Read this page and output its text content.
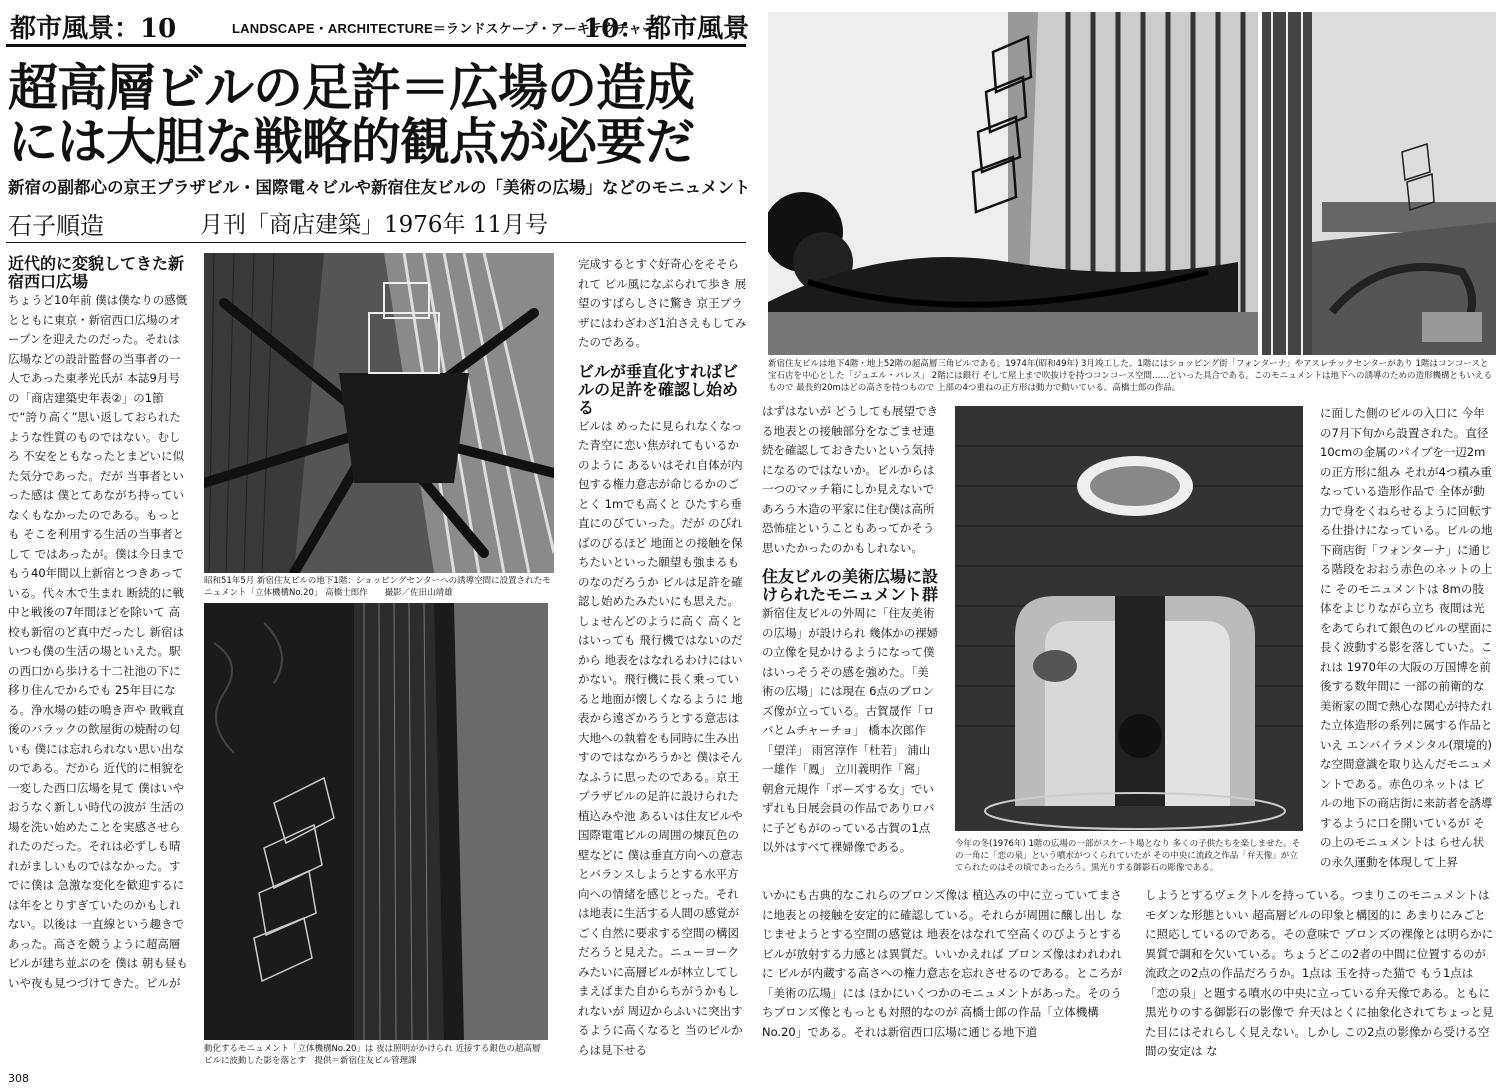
都市風景：10	LANDSCAPE・ARCHITECTURE＝ランドスケープ・アーキテクチャー
10：都市風景
超高層ビルの足許＝広場の造成
には大胆な戦略的観点が必要だ
新宿の副都心の京王プラザビル・国際電々ビルや新宿住友ビルの「美術の広場」などのモニュメント
石子順造	月刊「商店建築」1976年 11月号

近代的に変貌してきた新宿西口広場

ちょうど10年前 僕は僕なりの感慨とともに東京・新宿西口広場のオープンを迎えたのだった。それは 広場などの設計監督の当事者の一人であった東孝光氏が 本誌9月号の「商店建築史年表②」の1節で“誇り高く”思い返しておられたような性質のものではない。むしろ 不安をともなったとまどいに似た気分であった。だが 当事者といった感は 僕とてあながち持っていなくもなかったのである。もっとも そこを利用する生活の当事者として ではあったが。僕は今日まで もう40年間以上新宿とつきあっている。代々木で生まれ 断続的に戦中と戦後の7年間ほどを除いて 高校も新宿のど真中だったし 新宿はいつも僕の生活の場といえた。駅の西口から歩ける十二社池の下に移り住んでからでも 25年目になる。浄水場の蛙の鳴き声や 敗戦直後のバラックの飲屋街の焼酎の匂いも 僕には忘れられない思い出なのである。だから 近代的に相貌を一変した西口広場を見て 僕はいやおうなく新しい時代の波が 生活の場を洗い始めたことを実感させられたのだった。それは必ずしも晴れがましいものではなかった。すでに僕は 急激な変化を歓迎するには年をとりすぎていたのかもしれない。以後は 一直線という趣きであった。高さを競うように超高層ビルが建ち並ぶのを 僕は 朝も昼もいや夜も見つづけてきた。ビルが

昭和51年5月 新宿住友ビルの地下1階：ショッピングセンターへの誘導空間に設置されたモニュメント「立体機構No.20」 高橋士郎作　　撮影／佐田山靖雄
動化するモニュメント「立体機構No.20」は 夜は照明がかけられ 近接する銀色の超高層ビルに波動した影を落とす　提供＝新宿住友ビル管理課

完成するとすぐ好奇心をそそられて ビル風になぶられて歩き 展望のすばらしさに驚き 京王プラザにはわざわざ1泊さえもしてみたのである。

ビルが垂直化すればビルの足許を確認し始める

ビルは めったに見られなくなった青空に恋い焦がれてもいるかのように あるいはそれ自体が内包する権力意志が命じるかのごとく 1mでも高くと ひたすら垂直にのびていった。だが のびればのびるほど 地面との接触を保ちたいといった願望も強まるものなのだろうか ビルは足許を確認し始めたみたいにも思えた。しょせんどのように高く 高くとはいっても 飛行機ではないのだから 地表をはなれるわけにはいかない。飛行機に長く乗っていると地面が懐しくなるように 地表から遠ざかろうとする意志は 大地への執着をも同時に生み出すのではなかろうかと 僕はそんなふうに思ったのである。京王プラザビルの足許に設けられた植込みや池 あるいは住友ビルや国際電電ビルの周囲の煉瓦色の壁などに 僕は垂直方向への意志とバランスしようとする水平方向への情緒を感じとった。それは地表に生活する人間の感覚が ごく自然に要求する空間の構図だろうと見えた。ニューヨークみたいに高層ビルが林立してしまえばまた自からちがうかもしれないが 周辺からふいに突出するように高くなると 当のビルからは見下せる

新宿住友ビルは地下4階・地上52階の超高層三角ビルである。1974年(昭和49年) 3月竣工した。1階にはショッピング街「フォンターナ」やアスレチックセンターがあり 1階はコンコースと宝石店を中心とした「ジュエル・パレス」 2階には銀行 そして屋上まで吹抜けを持つコンコース空間……といった具合である。このモニュメントは地下への誘導のための造形機構ともいえるもので 最長約20mはどの高さを持つもので 上部の4つ重ねの正方形は動力で動いている。高橋士郎の作品。

はずはないが どうしても展望できる地表との接触部分をなごませ連続を確認しておきたいという気持になるのではないか。ビルからは 一つのマッチ箱にしか見えないであろう木造の平家に住む僕は高所恐怖症ということもあってかそう思いたかったのかもしれない。

住友ビルの美術広場に設けられたモニュメント群

新宿住友ビルの外周に「住友美術の広場」が設けられ 幾体かの裸婦の立像を見かけるようになって僕はいっそうその感を強めた。「美術の広場」には現在 6点のブロンズ像が立っている。古賀晟作「ロバとムチャーチョ」 橋本次郎作「望洋」 雨宮淳作「杜若」 浦山一雄作「鳳」 立川義明作「窩」 朝倉元規作「ポーズする女」でいずれも日展会員の作品でありロバに子どもがのっている古賀の1点以外はすべて裸婦像である。	今年の冬(1976年) 1階の広場の一部がスケート場となり 多くの子供たちを楽しませた。その一角に「恋の泉」という噴水がつくられていたが その中央に流政之作品「弁天像」が立てられたのはその頃であったろう。黒光りする御影石の彫像である。
いかにも古典的なこれらのブロンズ像は 植込みの中に立っていてまさに地表との接触を安定的に確認している。それらが周囲に醸し出し なじませようとする空間の感覚は 地表をはなれて空高くのびようとするビルが放射する力感とは異質だ。いいかえれば ブロンズ像はわれわれに ビルが内蔵する高さへの権力意志を忘れさせるのである。ところが 「美術の広場」には ほかにいくつかのモニュメントがあった。そのうちブロンズ像ともっとも対照的なのが 高橋士郎の作品「立体機構No.20」である。それは新宿西口広場に通じる地下道

に面した側のビルの入口に 今年の7月下旬から設置された。直径10cmの金属のパイプを一辺2mの正方形に組み それが4つ積み重なっている造形作品で 全体が動力で身をくねらせるように回転する仕掛けになっている。ビルの地下商店街「フォンターナ」に通じる階段をおおう赤色のネットの上に そのモニュメントは 8mの肢体をよじりながら立ち 夜間は光をあてられて銀色のビルの壁面に長く波動する影を落していた。これは 1970年の大阪の万国博を前後する数年間に 一部の前衛的な美術家の間で熱心な関心が持たれた立体造形の系列に属する作品といえ エンバイラメンタル(環境的)な空間意識を取り込んだモニュメントである。赤色のネットは ビルの地下の商店街に来訪者を誘導するように口を開いているが その上のモニュメントは らせん状の永久運動を体現して上昇

しようとするヴェクトルを持っている。つまりこのモニュメントはモダンな形態といい 超高層ビルの印象と構図的に あまりにみごとに照応しているのである。その意味で ブロンズの裸像とは明らかに異質で調和を欠いている。ちょうどこの2者の中間に位置するのが 流政之の2点の作品だろうか。1点は 玉を持った猫で もう1点は 「恋の泉」と題する噴水の中央に立っている弁天像である。ともに黒光りのする御影石の影像で 弁天はとくに抽象化されてちょっと見た目にはそれらしく見えない。しかし この2点の影像から受ける空間の安定は な
308
